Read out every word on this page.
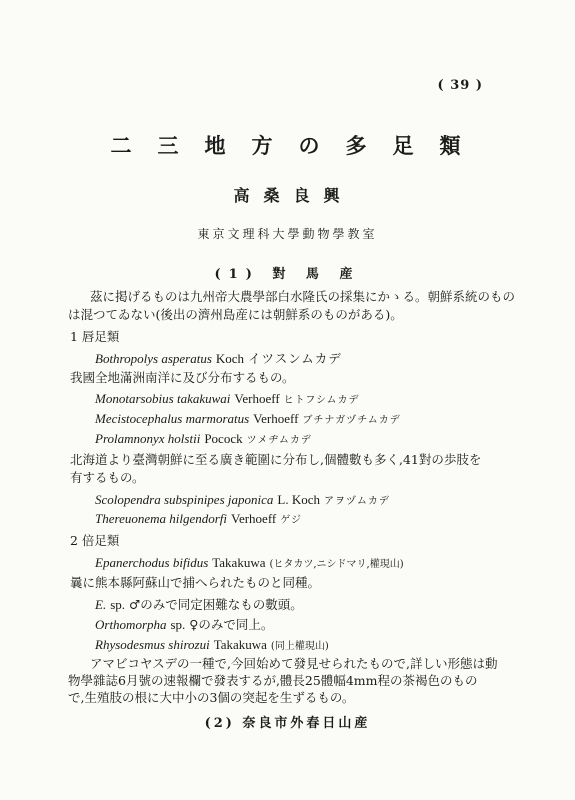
( 39 )
二三地方の多足類
高桑良興
東京文理科大學動物學教室
(1) 對 馬 産
茲に掲げるものは九州帝大農學部白水隆氏の採集にかゝる。朝鮮系統のもの
は混つてゐない(後出の濟州島産には朝鮮系のものがある)。
1 唇足類
Bothropolys asperatus Koch イツスンムカデ
我國全地滿洲南洋に及び分布するもの。
Monotarsobius takakuwai Verhoeff ヒトフシムカデ
Mecistocephalus marmoratus Verhoeff ブチナガヅチムカデ
Prolamnonyx holstii Pocock ツメヂムカデ
北海道より臺灣朝鮮に至る廣き範圍に分布し,個體數も多く,41對の歩肢を
有するもの。
Scolopendra subspinipes japonica L. Koch アヲヅムカデ
Thereuonema hilgendorfi Verhoeff ゲジ
2 倍足類
Epanerchodus bifidus Takakuwa (ヒタカツ,ニシドマリ,權現山)
曩に熊本縣阿蘇山で捕へられたものと同種。
E. sp. ♂のみで同定困難なもの數頭。
Orthomorpha sp. ♀のみで同上。
Rhysodesmus shirozui Takakuwa (同上權現山)
アマビコヤスデの一種で,今回始めて發見せられたもので,詳しい形態は動
物學雜誌6月號の速報欄で發表するが,體長25體幅4mm程の茶褐色のもの
で,生殖肢の根に大中小の3個の突起を生ずるもの。
(2) 奈良市外春日山産
